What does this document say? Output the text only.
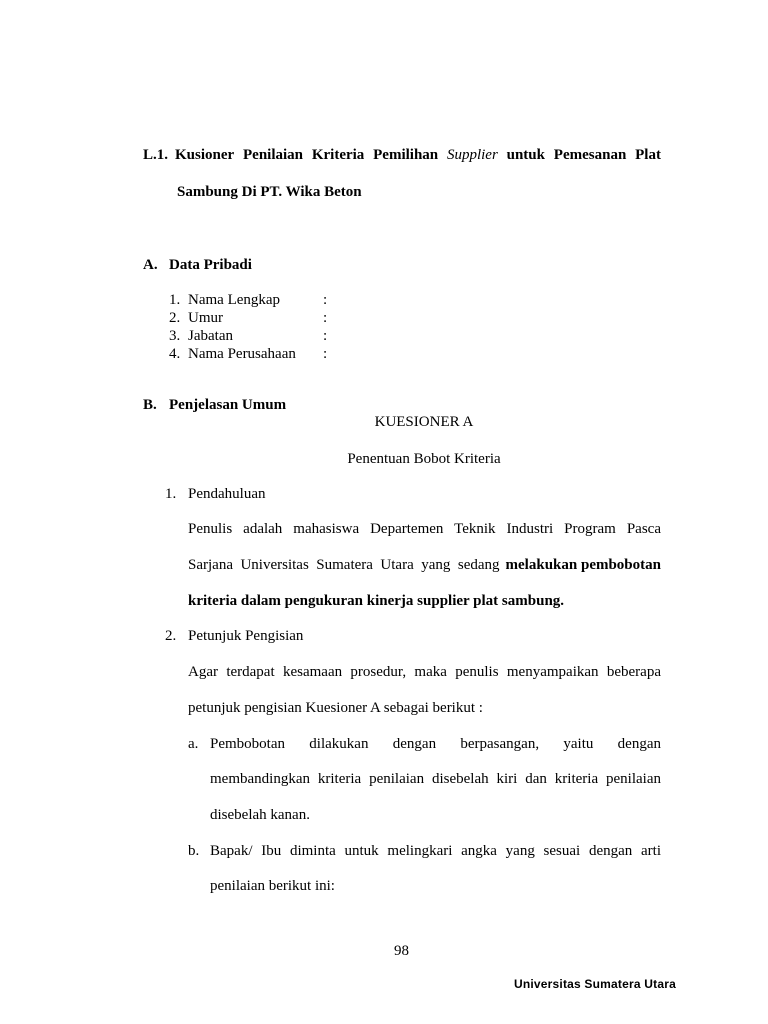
L.1. Kusioner Penilaian Kriteria Pemilihan Supplier untuk Pemesanan Plat
Sambung Di PT. Wika Beton
A. Data Pribadi
1. Nama Lengkap	:
2. Umur	:
3. Jabatan	:
4. Nama Perusahaan :
B. Penjelasan Umum
KUESIONER A
Penentuan Bobot Kriteria
1. Pendahuluan
Penulis adalah mahasiswa Departemen Teknik Industri Program Pasca
Sarjana Universitas Sumatera Utara yang sedang melakukan pembobotan
kriteria dalam pengukuran kinerja supplier plat sambung.
2. Petunjuk Pengisian
Agar terdapat kesamaan prosedur, maka penulis menyampaikan beberapa
petunjuk pengisian Kuesioner A sebagai berikut :
a. Pembobotan dilakukan dengan berpasangan, yaitu dengan
membandingkan kriteria penilaian disebelah kiri dan kriteria penilaian
disebelah kanan.
b. Bapak/ Ibu diminta untuk melingkari angka yang sesuai dengan arti
penilaian berikut ini:
98
Universitas Sumatera Utara
